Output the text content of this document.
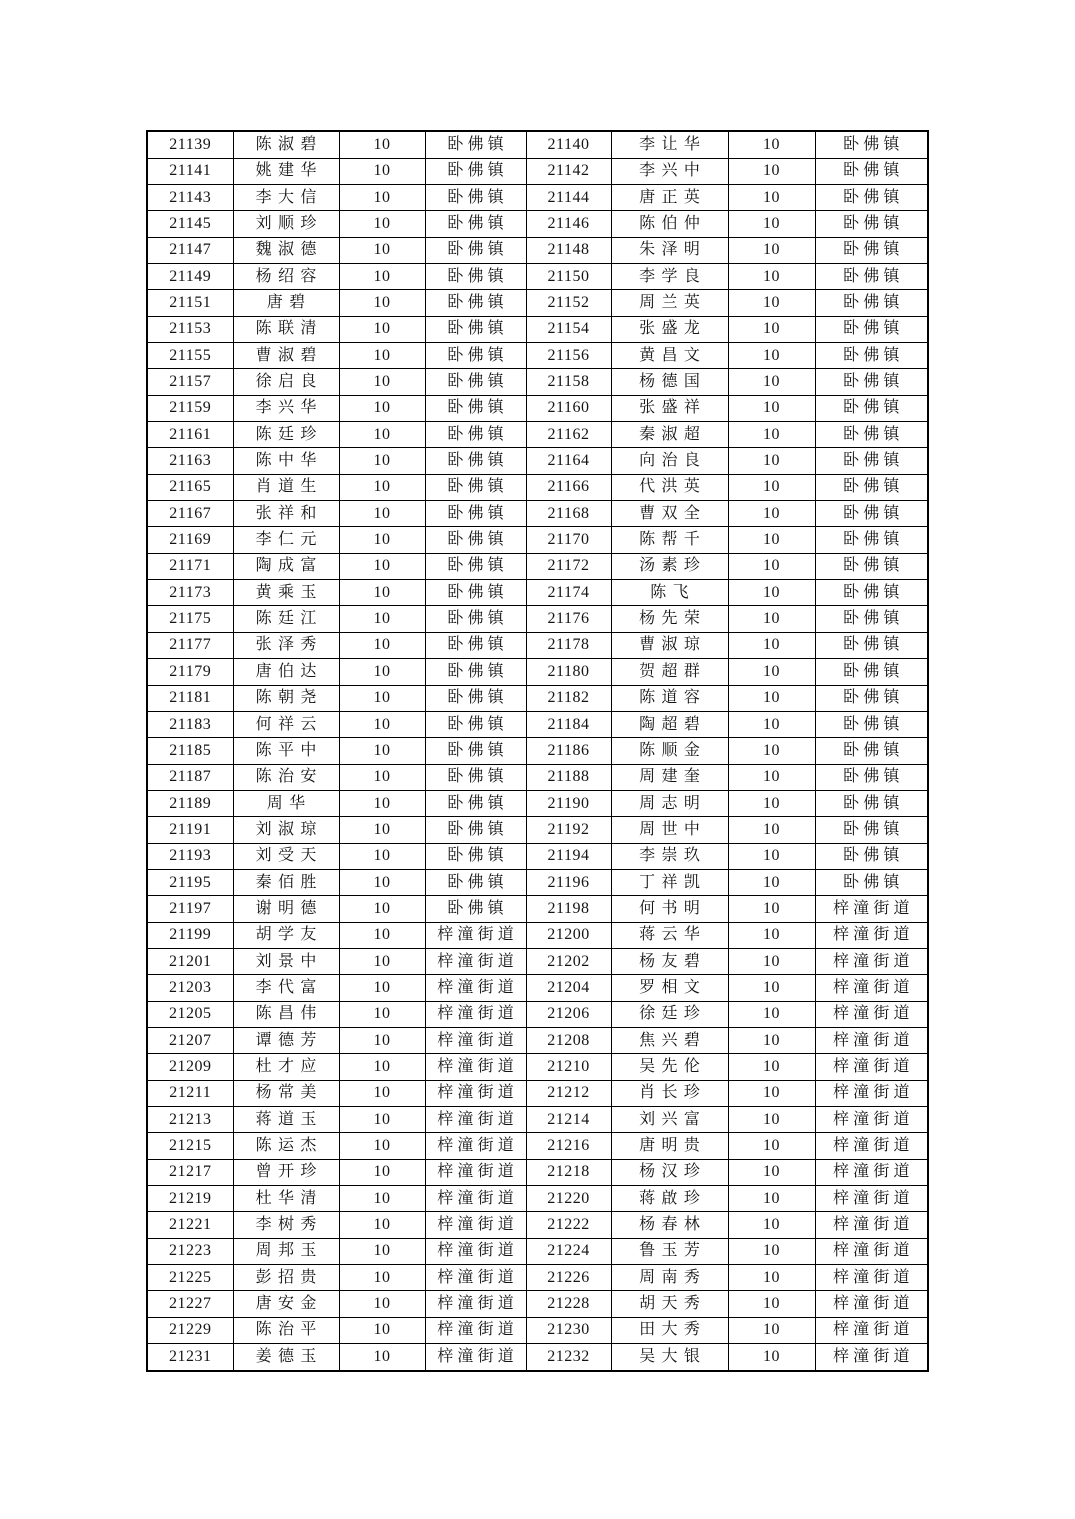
21139	陈淑碧	10	卧佛镇	21140	李让华	10	卧佛镇
21141	姚建华	10	卧佛镇	21142	李兴中	10	卧佛镇
21143	李大信	10	卧佛镇	21144	唐正英	10	卧佛镇
21145	刘顺珍	10	卧佛镇	21146	陈伯仲	10	卧佛镇
21147	魏淑德	10	卧佛镇	21148	朱泽明	10	卧佛镇
21149	杨绍容	10	卧佛镇	21150	李学良	10	卧佛镇
21151	唐碧	10	卧佛镇	21152	周兰英	10	卧佛镇
21153	陈联清	10	卧佛镇	21154	张盛龙	10	卧佛镇
21155	曹淑碧	10	卧佛镇	21156	黄昌文	10	卧佛镇
21157	徐启良	10	卧佛镇	21158	杨德国	10	卧佛镇
21159	李兴华	10	卧佛镇	21160	张盛祥	10	卧佛镇
21161	陈廷珍	10	卧佛镇	21162	秦淑超	10	卧佛镇
21163	陈中华	10	卧佛镇	21164	向治良	10	卧佛镇
21165	肖道生	10	卧佛镇	21166	代洪英	10	卧佛镇
21167	张祥和	10	卧佛镇	21168	曹双全	10	卧佛镇
21169	李仁元	10	卧佛镇	21170	陈帮千	10	卧佛镇
21171	陶成富	10	卧佛镇	21172	汤素珍	10	卧佛镇
21173	黄乘玉	10	卧佛镇	21174	陈飞	10	卧佛镇
21175	陈廷江	10	卧佛镇	21176	杨先荣	10	卧佛镇
21177	张泽秀	10	卧佛镇	21178	曹淑琼	10	卧佛镇
21179	唐伯达	10	卧佛镇	21180	贺超群	10	卧佛镇
21181	陈朝尧	10	卧佛镇	21182	陈道容	10	卧佛镇
21183	何祥云	10	卧佛镇	21184	陶超碧	10	卧佛镇
21185	陈平中	10	卧佛镇	21186	陈顺金	10	卧佛镇
21187	陈治安	10	卧佛镇	21188	周建奎	10	卧佛镇
21189	周华	10	卧佛镇	21190	周志明	10	卧佛镇
21191	刘淑琼	10	卧佛镇	21192	周世中	10	卧佛镇
21193	刘受天	10	卧佛镇	21194	李崇玖	10	卧佛镇
21195	秦佰胜	10	卧佛镇	21196	丁祥凯	10	卧佛镇
21197	谢明德	10	卧佛镇	21198	何书明	10	梓潼街道
21199	胡学友	10	梓潼街道	21200	蒋云华	10	梓潼街道
21201	刘景中	10	梓潼街道	21202	杨友碧	10	梓潼街道
21203	李代富	10	梓潼街道	21204	罗相文	10	梓潼街道
21205	陈昌伟	10	梓潼街道	21206	徐廷珍	10	梓潼街道
21207	谭德芳	10	梓潼街道	21208	焦兴碧	10	梓潼街道
21209	杜才应	10	梓潼街道	21210	吴先伦	10	梓潼街道
21211	杨常美	10	梓潼街道	21212	肖长珍	10	梓潼街道
21213	蒋道玉	10	梓潼街道	21214	刘兴富	10	梓潼街道
21215	陈运杰	10	梓潼街道	21216	唐明贵	10	梓潼街道
21217	曾开珍	10	梓潼街道	21218	杨汉珍	10	梓潼街道
21219	杜华清	10	梓潼街道	21220	蒋啟珍	10	梓潼街道
21221	李树秀	10	梓潼街道	21222	杨春林	10	梓潼街道
21223	周邦玉	10	梓潼街道	21224	鲁玉芳	10	梓潼街道
21225	彭招贵	10	梓潼街道	21226	周南秀	10	梓潼街道
21227	唐安金	10	梓潼街道	21228	胡天秀	10	梓潼街道
21229	陈治平	10	梓潼街道	21230	田大秀	10	梓潼街道
21231	姜德玉	10	梓潼街道	21232	吴大银	10	梓潼街道
